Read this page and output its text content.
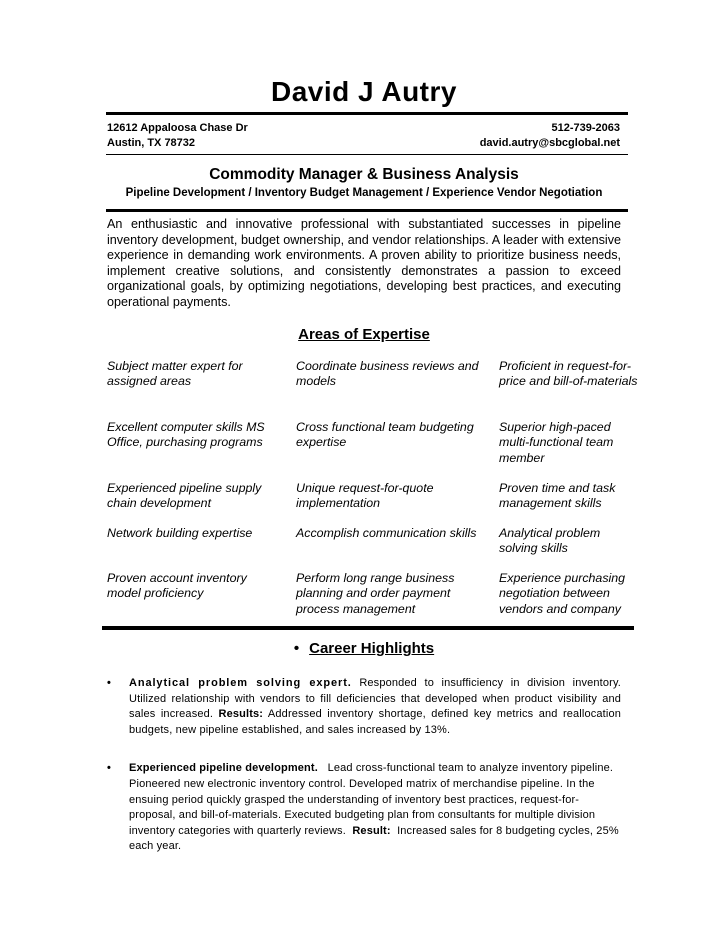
David J Autry
12612 Appaloosa Chase Dr
Austin, TX 78732
512-739-2063
david.autry@sbcglobal.net
Commodity Manager & Business Analysis
Pipeline Development / Inventory Budget Management / Experience Vendor Negotiation
An enthusiastic and innovative professional with substantiated successes in pipeline inventory development, budget ownership, and vendor relationships. A leader with extensive experience in demanding work environments. A proven ability to prioritize business needs, implement creative solutions, and consistently demonstrates a passion to exceed organizational goals, by optimizing negotiations, developing best practices, and executing operational payments.
Areas of Expertise
Subject matter expert for assigned areas
Coordinate business reviews and models
Proficient in request-for-price and bill-of-materials
Excellent computer skills MS Office, purchasing programs
Cross functional team budgeting expertise
Superior high-paced multi-functional team member
Experienced pipeline supply chain development
Unique request-for-quote implementation
Proven time and task management skills
Network building expertise	Accomplish communication skills	Analytical problem solving skills
Proven account inventory model proficiency
Perform long range business planning and order payment process management
Experience purchasing negotiation between vendors and company
• Career Highlights
• Analytical problem solving expert. Responded to insufficiency in division inventory. Utilized relationship with vendors to fill deficiencies that developed when product visibility and sales increased. Results: Addressed inventory shortage, defined key metrics and reallocation budgets, new pipeline established, and sales increased by 13%.
• Experienced pipeline development.   Lead cross-functional team to analyze inventory pipeline. Pioneered new electronic inventory control. Developed matrix of merchandise pipeline. In the ensuing period quickly grasped the understanding of inventory best practices, request-for-proposal, and bill-of-materials. Executed budgeting plan from consultants for multiple division inventory categories with quarterly reviews.  Result:  Increased sales for 8 budgeting cycles, 25% each year.
